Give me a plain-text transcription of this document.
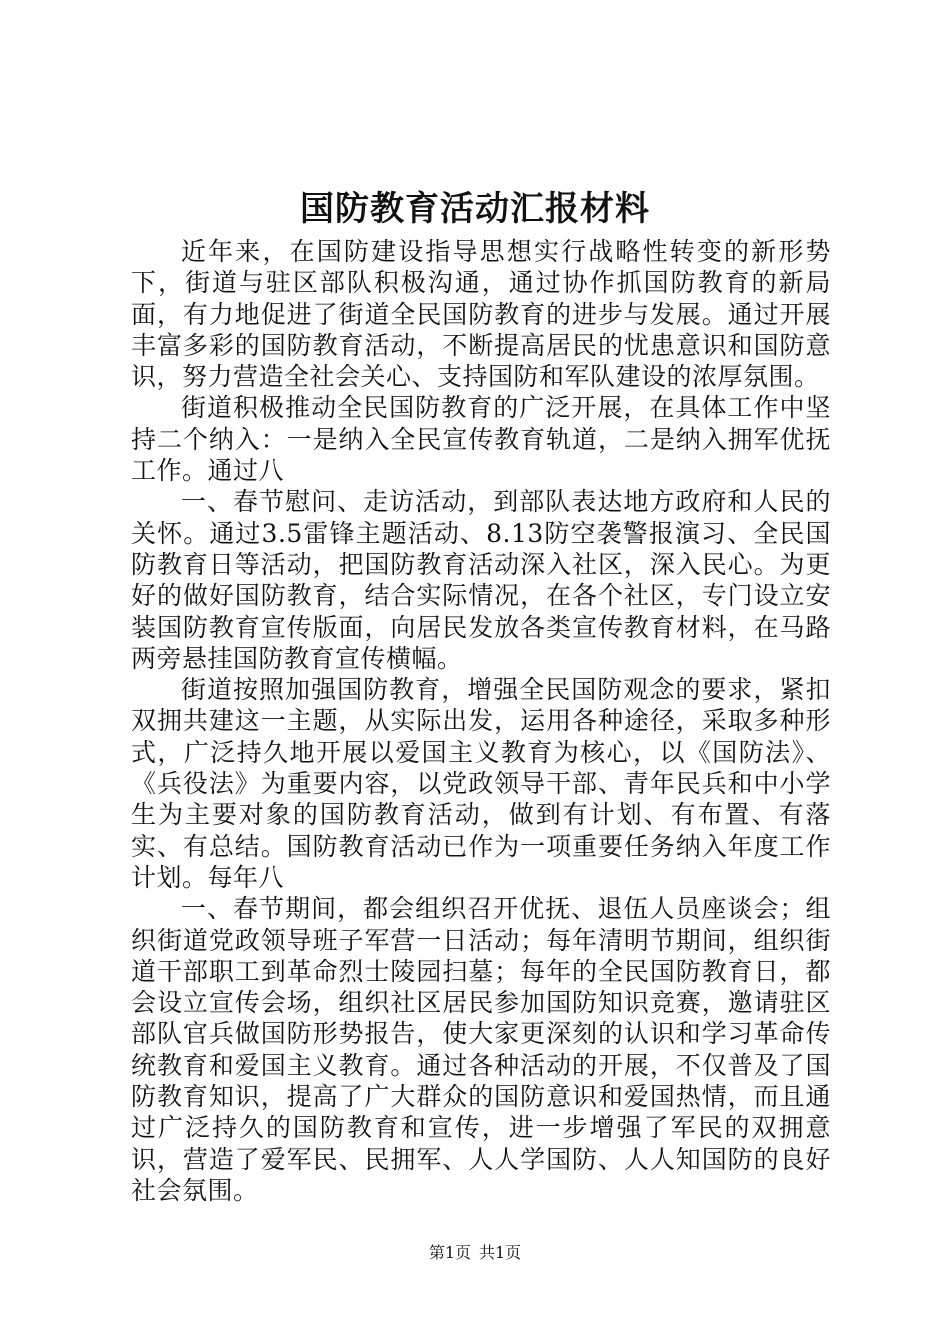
国防教育活动汇报材料

近年来，在国防建设指导思想实行战略性转变的新形势下，街道与驻区部队积极沟通，通过协作抓国防教育的新局面，有力地促进了街道全民国防教育的进步与发展。通过开展丰富多彩的国防教育活动，不断提高居民的忧患意识和国防意识，努力营造全社会关心、支持国防和军队建设的浓厚氛围。

街道积极推动全民国防教育的广泛开展，在具体工作中坚持二个纳入：一是纳入全民宣传教育轨道，二是纳入拥军优抚工作。通过八

一、春节慰问、走访活动，到部队表达地方政府和人民的关怀。通过3.5雷锋主题活动、8.13防空袭警报演习、全民国防教育日等活动，把国防教育活动深入社区，深入民心。为更好的做好国防教育，结合实际情况，在各个社区，专门设立安装国防教育宣传版面，向居民发放各类宣传教育材料，在马路两旁悬挂国防教育宣传横幅。

街道按照加强国防教育，增强全民国防观念的要求，紧扣双拥共建这一主题，从实际出发，运用各种途径，采取多种形式，广泛持久地开展以爱国主义教育为核心，以《国防法》、《兵役法》为重要内容，以党政领导干部、青年民兵和中小学生为主要对象的国防教育活动，做到有计划、有布置、有落实、有总结。国防教育活动已作为一项重要任务纳入年度工作计划。每年八

一、春节期间，都会组织召开优抚、退伍人员座谈会；组织街道党政领导班子军营一日活动；每年清明节期间，组织街道干部职工到革命烈士陵园扫墓；每年的全民国防教育日，都会设立宣传会场，组织社区居民参加国防知识竞赛，邀请驻区部队官兵做国防形势报告，使大家更深刻的认识和学习革命传统教育和爱国主义教育。通过各种活动的开展，不仅普及了国防教育知识，提高了广大群众的国防意识和爱国热情，而且通过广泛持久的国防教育和宣传，进一步增强了军民的双拥意识，营造了爱军民、民拥军、人人学国防、人人知国防的良好社会氛围。

第1页 共1页
